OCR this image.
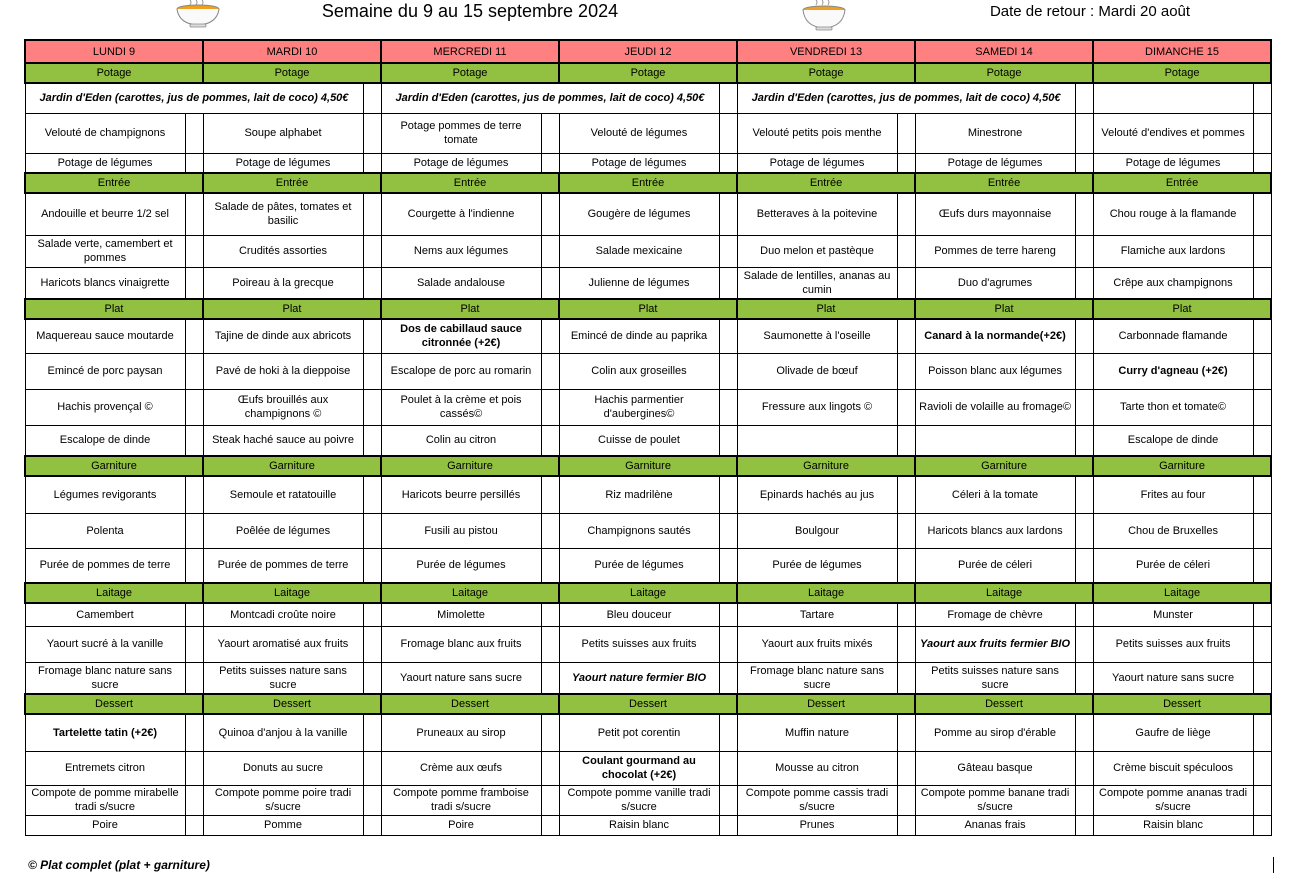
Semaine du 9 au 15 septembre 2024	Date de retour : Mardi 20 août
LUNDI 9		MARDI 10		MERCREDI 11		JEUDI 12		VENDREDI 13		SAMEDI 14		DIMANCHE 15	
Potage		Potage		Potage		Potage		Potage		Potage		Potage	
Jardin d'Eden (carottes, jus de pommes, lait de coco) 4,50€				Jardin d'Eden (carottes, jus de pommes, lait de coco) 4,50€				Jardin d'Eden (carottes, jus de pommes, lait de coco) 4,50€					
Velouté de champignons		Soupe alphabet		Potage pommes de terre tomate		Velouté de légumes		Velouté petits pois menthe		Minestrone		Velouté d'endives et pommes	
Potage de légumes		Potage de légumes		Potage de légumes		Potage de légumes		Potage de légumes		Potage de légumes		Potage de légumes	
Entrée		Entrée		Entrée		Entrée		Entrée		Entrée		Entrée	
Andouille et beurre 1/2 sel		Salade de pâtes, tomates et basilic		Courgette à l'indienne		Gougère de légumes		Betteraves à la poitevine		Œufs durs mayonnaise		Chou rouge à la flamande	
Salade verte, camembert et pommes		Crudités assorties		Nems aux légumes		Salade mexicaine		Duo melon et pastèque		Pommes de terre hareng		Flamiche aux lardons	
Haricots blancs vinaigrette		Poireau à la grecque		Salade andalouse		Julienne de légumes		Salade de lentilles, ananas au cumin		Duo d'agrumes		Crêpe aux champignons	
Plat		Plat		Plat		Plat		Plat		Plat		Plat	
Maquereau sauce moutarde		Tajine de dinde aux abricots		Dos de cabillaud sauce citronnée (+2€)		Emincé de dinde au paprika		Saumonette à l'oseille		Canard à la normande(+2€)		Carbonnade flamande	
Emincé de porc paysan		Pavé de hoki à la dieppoise		Escalope de porc au romarin		Colin aux groseilles		Olivade de bœuf		Poisson blanc aux légumes		Curry d'agneau (+2€)	
Hachis provençal ©		Œufs brouillés aux champignons ©		Poulet à la crème et pois cassés©		Hachis parmentier d'aubergines©		Fressure aux lingots ©		Ravioli de volaille au fromage©		Tarte thon et tomate©	
Escalope de dinde		Steak haché sauce au poivre		Colin au citron		Cuisse de poulet						Escalope de dinde	
Garniture		Garniture		Garniture		Garniture		Garniture		Garniture		Garniture	
Légumes revigorants		Semoule et ratatouille		Haricots beurre persillés		Riz madrilène		Epinards hachés au jus		Céleri à la tomate		Frites au four	
Polenta		Poêlée de légumes		Fusili au pistou		Champignons sautés		Boulgour		Haricots blancs aux lardons		Chou de Bruxelles	
Purée de pommes de terre		Purée de pommes de terre		Purée de légumes		Purée de légumes		Purée de légumes		Purée de céleri		Purée de céleri	
Laitage		Laitage		Laitage		Laitage		Laitage		Laitage		Laitage	
Camembert		Montcadi croûte noire		Mimolette		Bleu douceur		Tartare		Fromage de chèvre		Munster	
Yaourt sucré à la vanille		Yaourt aromatisé aux fruits		Fromage blanc aux fruits		Petits suisses aux fruits		Yaourt aux fruits mixés		Yaourt aux fruits fermier BIO		Petits suisses aux fruits	
Fromage blanc nature sans sucre		Petits suisses nature sans sucre		Yaourt nature sans sucre		Yaourt nature fermier BIO		Fromage blanc nature sans sucre		Petits suisses nature sans sucre		Yaourt nature sans sucre	
Dessert		Dessert		Dessert		Dessert		Dessert		Dessert		Dessert	
Tartelette tatin (+2€)		Quinoa d'anjou à la vanille		Pruneaux au sirop		Petit pot corentin		Muffin nature		Pomme au sirop d'érable		Gaufre de liège	
Entremets citron		Donuts au sucre		Crème aux œufs		Coulant gourmand au chocolat (+2€)		Mousse au citron		Gâteau basque		Crème biscuit spéculoos	
Compote de pomme mirabelle tradi s/sucre		Compote pomme poire tradi s/sucre		Compote pomme framboise tradi s/sucre		Compote pomme vanille tradi s/sucre		Compote pomme cassis tradi s/sucre		Compote pomme banane tradi s/sucre		Compote pomme ananas tradi s/sucre	
Poire		Pomme		Poire		Raisin blanc		Prunes		Ananas frais		Raisin blanc	
© Plat complet (plat + garniture)
